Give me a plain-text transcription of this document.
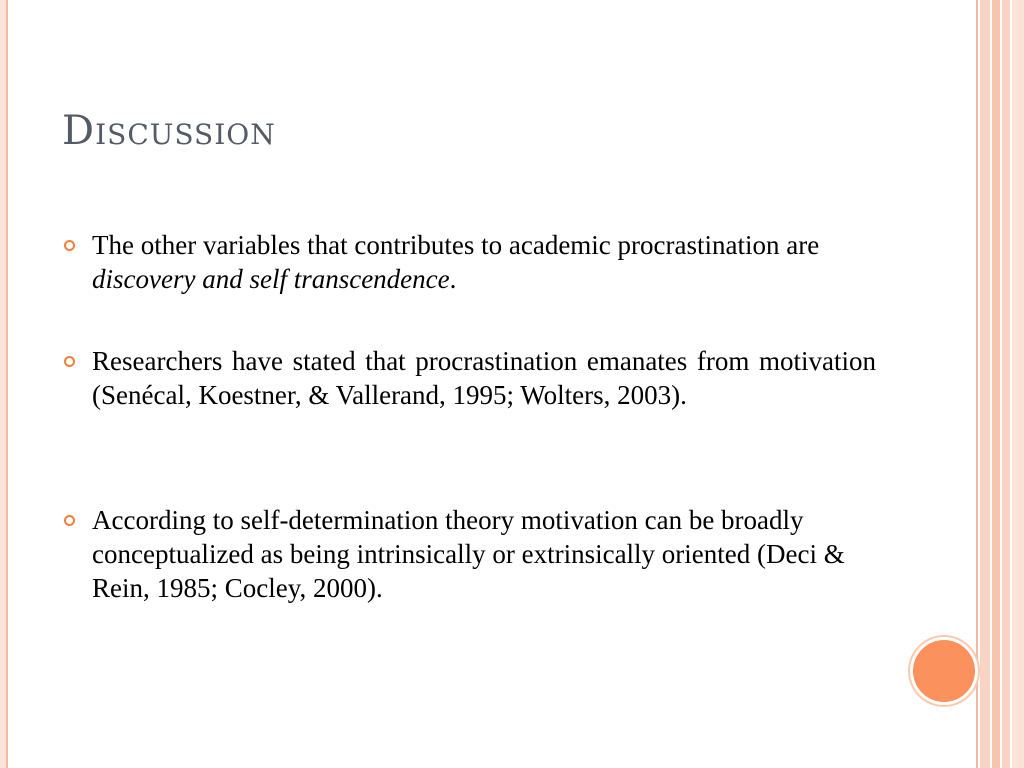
Discussion
The other variables that contributes to academic procrastination are discovery and self transcendence.
Researchers have stated that procrastination emanates from motivation (Senécal, Koestner, & Vallerand, 1995; Wolters, 2003).
According to self-determination theory motivation can be broadly conceptualized as being intrinsically or extrinsically oriented (Deci & Rein, 1985; Cocley, 2000).
